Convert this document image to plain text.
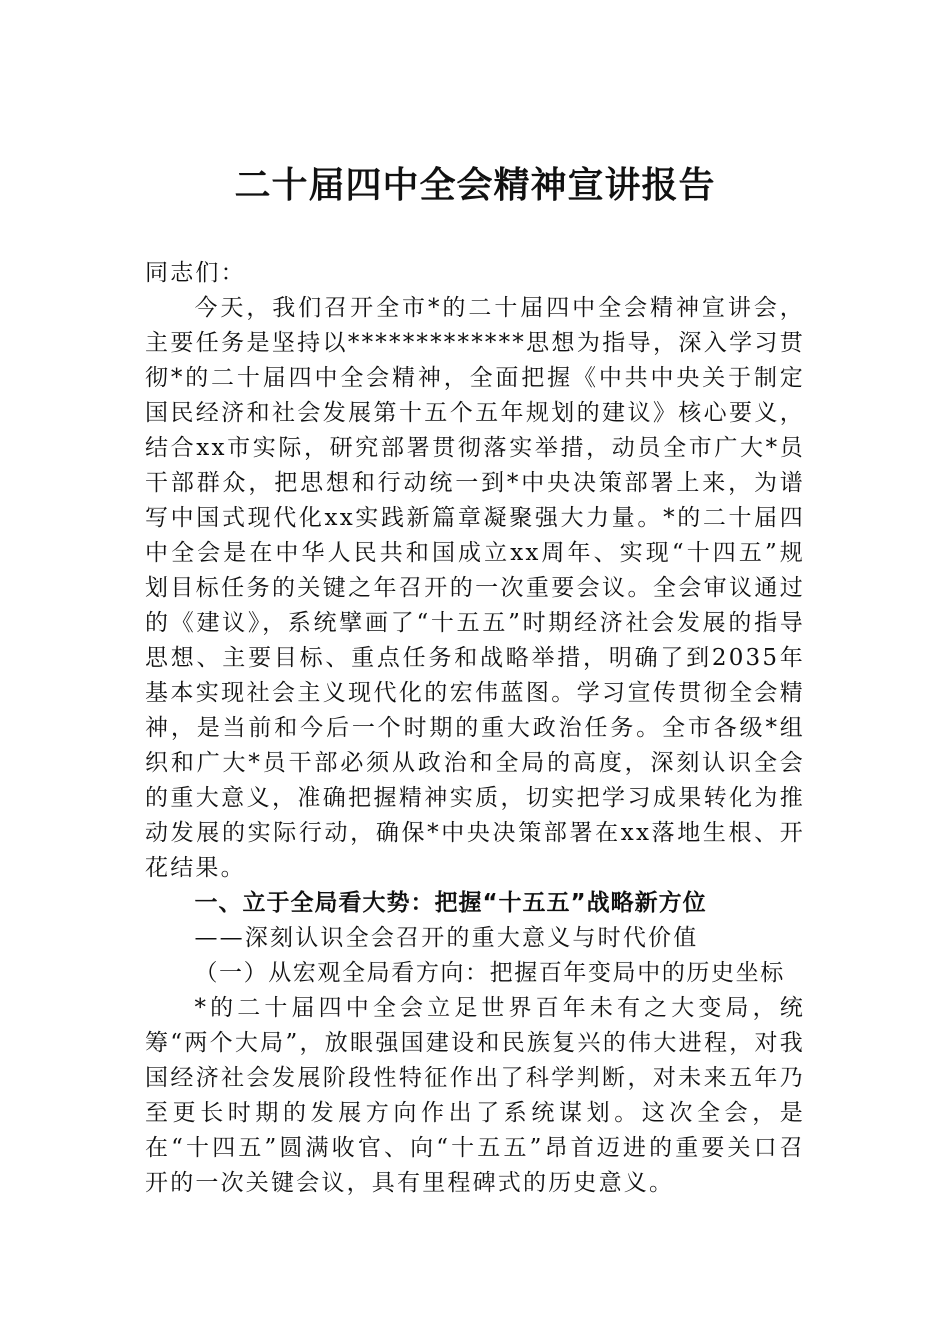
二十届四中全会精神宣讲报告

同志们：

今天，我们召开全市*的二十届四中全会精神宣讲会，主要任务是坚持以*************思想为指导，深入学习贯彻*的二十届四中全会精神，全面把握《中共中央关于制定国民经济和社会发展第十五个五年规划的建议》核心要义，结合xx市实际，研究部署贯彻落实举措，动员全市广大*员干部群众，把思想和行动统一到*中央决策部署上来，为谱写中国式现代化xx实践新篇章凝聚强大力量。*的二十届四中全会是在中华人民共和国成立xx周年、实现“十四五”规划目标任务的关键之年召开的一次重要会议。全会审议通过的《建议》，系统擘画了“十五五”时期经济社会发展的指导思想、主要目标、重点任务和战略举措，明确了到2035年基本实现社会主义现代化的宏伟蓝图。学习宣传贯彻全会精神，是当前和今后一个时期的重大政治任务。全市各级*组织和广大*员干部必须从政治和全局的高度，深刻认识全会的重大意义，准确把握精神实质，切实把学习成果转化为推动发展的实际行动，确保*中央决策部署在xx落地生根、开花结果。

一、立于全局看大势：把握“十五五”战略新方位

——深刻认识全会召开的重大意义与时代价值

（一）从宏观全局看方向：把握百年变局中的历史坐标

*的二十届四中全会立足世界百年未有之大变局，统筹“两个大局”，放眼强国建设和民族复兴的伟大进程，对我国经济社会发展阶段性特征作出了科学判断，对未来五年乃至更长时期的发展方向作出了系统谋划。这次全会，是在“十四五”圆满收官、向“十五五”昂首迈进的重要关口召开的一次关键会议，具有里程碑式的历史意义。
